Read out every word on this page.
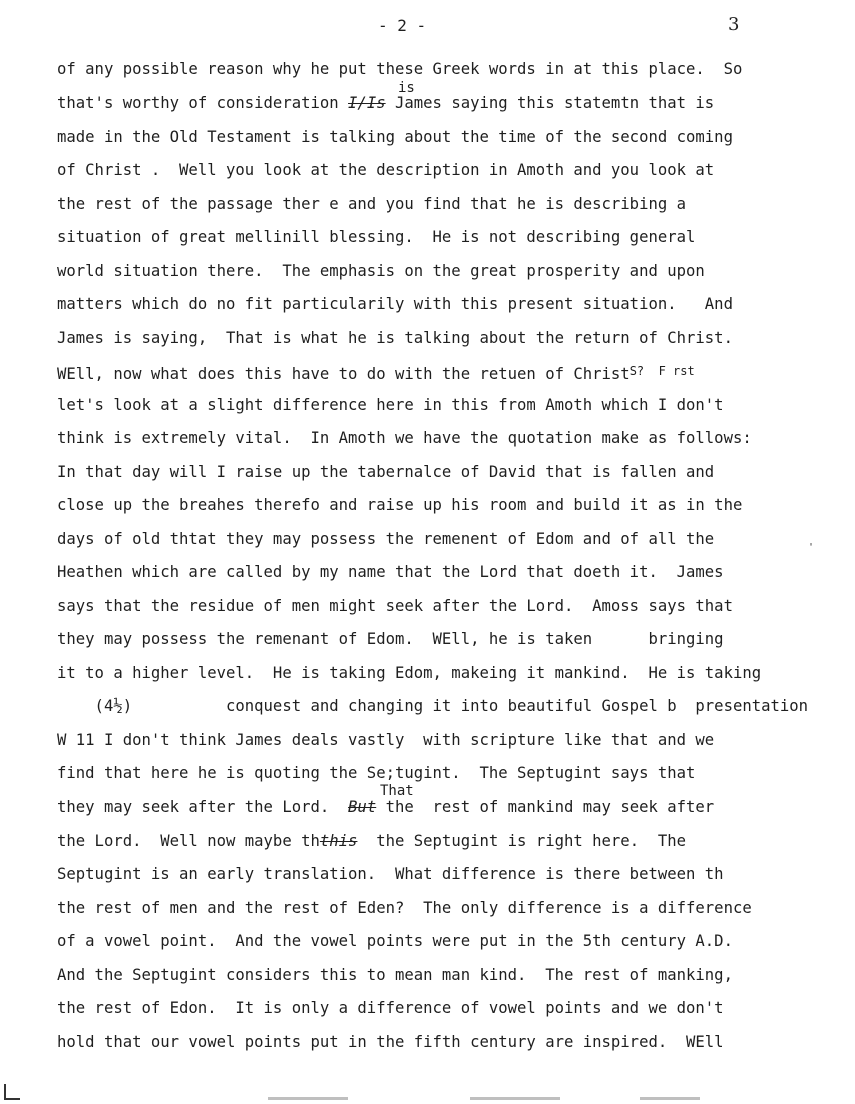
- 2 -	3
of any possible reason why he put these Greek words in at this place.  So
is
that's worthy of consideration I/Is James saying this statemtn that is
made in the Old Testament is talking about the time of the second coming
of Christ .  Well you look at the description in Amoth and you look at
the rest of the passage ther e and you find that he is describing a
situation of great mellinill blessing.  He is not describing general
world situation there.  The emphasis on the great prosperity and upon
matters which do no fit particularily with this present situation.   And
James is saying,  That is what he is talking about the return of Christ.
WEll, now what does this have to do with the retuen of Christ$^{S? F rst}$
let's look at a slight difference here in this from Amoth which I don't
think is extremely vital.  In Amoth we have the quotation make as follows:
In that day will I raise up the tabernalce of David that is fallen and
close up the breahes therefo and raise up his room and build it as in the
days of old thtat they may possess the remenent of Edom and of all the
Heathen which are called by my name that the Lord that doeth it.  James
says that the residue of men might seek after the Lord.  Amoss says that
they may possess the remenant of Edom.  WEll, he is taken      bringing
it to a higher level.  He is taking Edom, makeing it mankind.  He is taking
(4½)          conquest and changing it into beautiful Gospel b  presentation
W 11 I don't think James deals vastly  with scripture like that and we
find that here he is quoting the Se;tugint.  The Septugint says that
That
they may seek after the Lord.  But the  rest of mankind may seek after
the Lord.  Well now maybe ththis  the Septugint is right here.  The
Septugint is an early translation.  What difference is there between th
the rest of men and the rest of Eden?  The only difference is a difference
of a vowel point.  And the vowel points were put in the 5th century A.D.
And the Septugint considers this to mean man kind.  The rest of manking,
the rest of Edon.  It is only a difference of vowel points and we don't
hold that our vowel points put in the fifth century are inspired.  WEll
'
